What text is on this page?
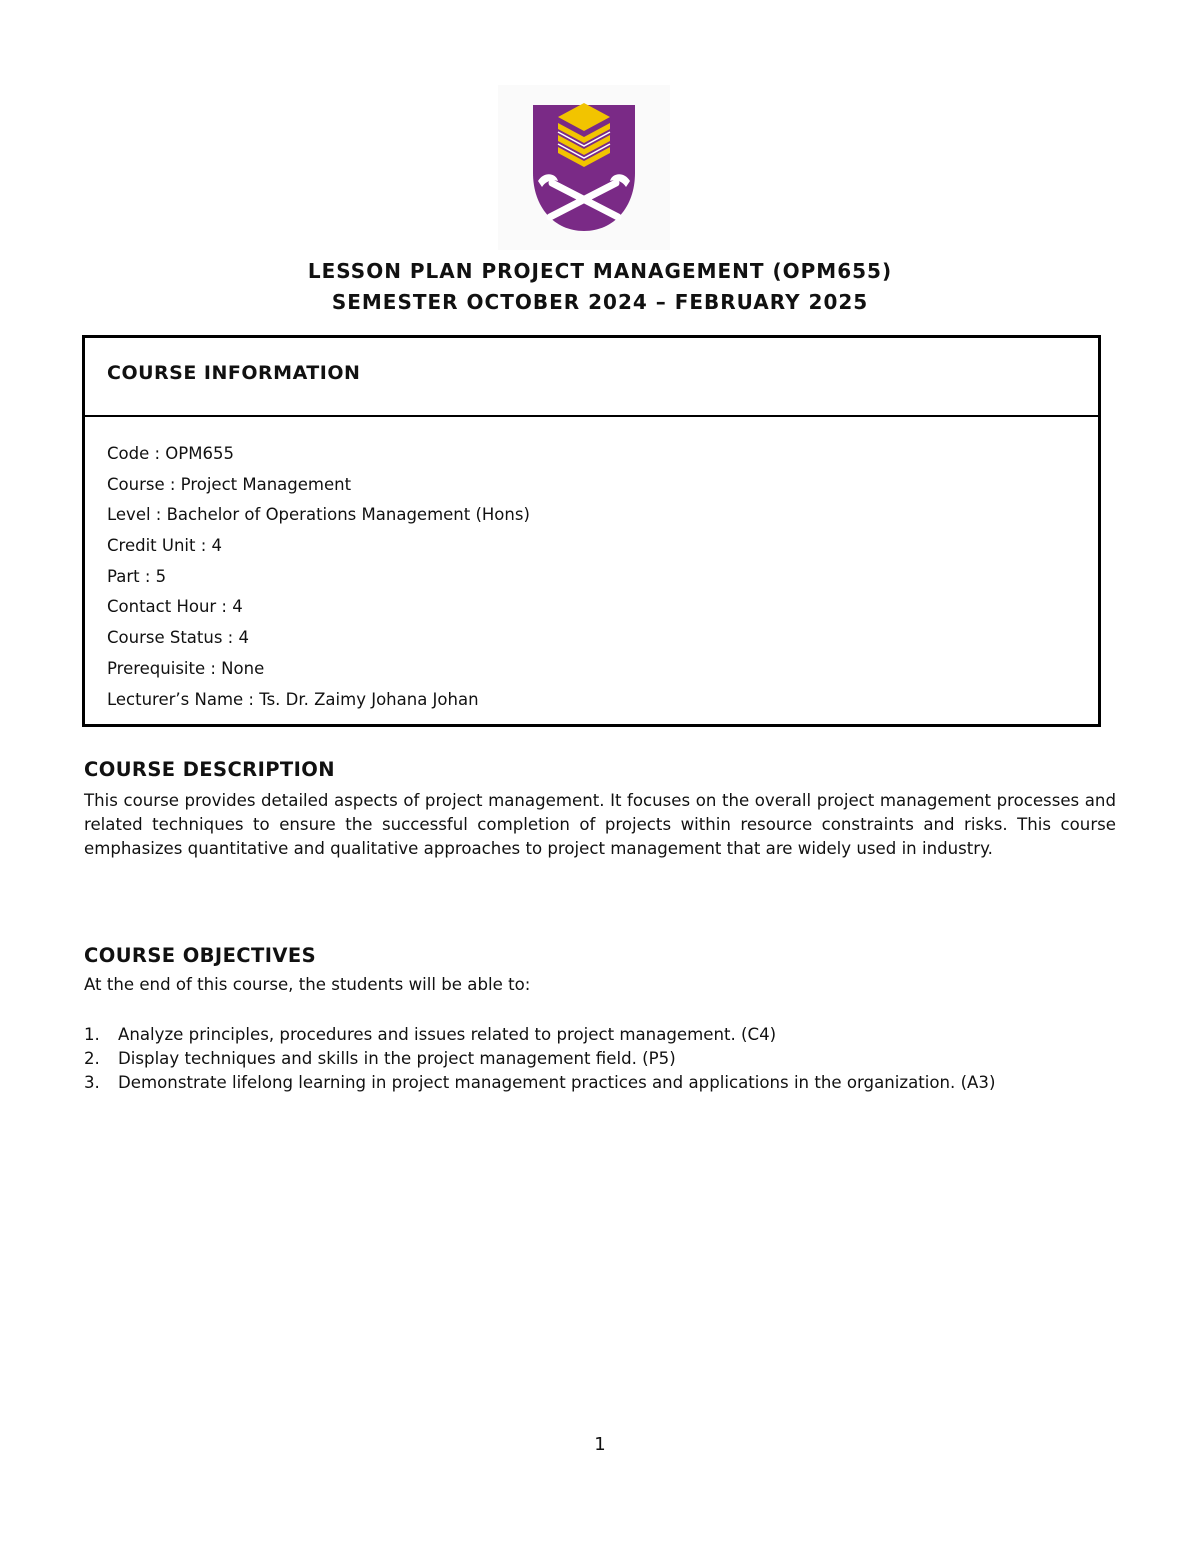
LESSON PLAN PROJECT MANAGEMENT (OPM655)
SEMESTER OCTOBER 2024 – FEBRUARY 2025
COURSE INFORMATION
Code : OPM655
Course : Project Management
Level : Bachelor of Operations Management (Hons)
Credit Unit : 4
Part : 5
Contact Hour : 4
Course Status : 4
Prerequisite : None
Lecturer’s Name : Ts. Dr. Zaimy Johana Johan
COURSE DESCRIPTION
This course provides detailed aspects of project management. It focuses on the overall project management processes and related techniques to ensure the successful completion of projects within resource constraints and risks. This course emphasizes quantitative and qualitative approaches to project management that are widely used in industry.
COURSE OBJECTIVES
At the end of this course, the students will be able to:
1.	Analyze principles, procedures and issues related to project management. (C4)
2.	Display techniques and skills in the project management field. (P5)
3.	Demonstrate lifelong learning in project management practices and applications in the organization. (A3)
1
